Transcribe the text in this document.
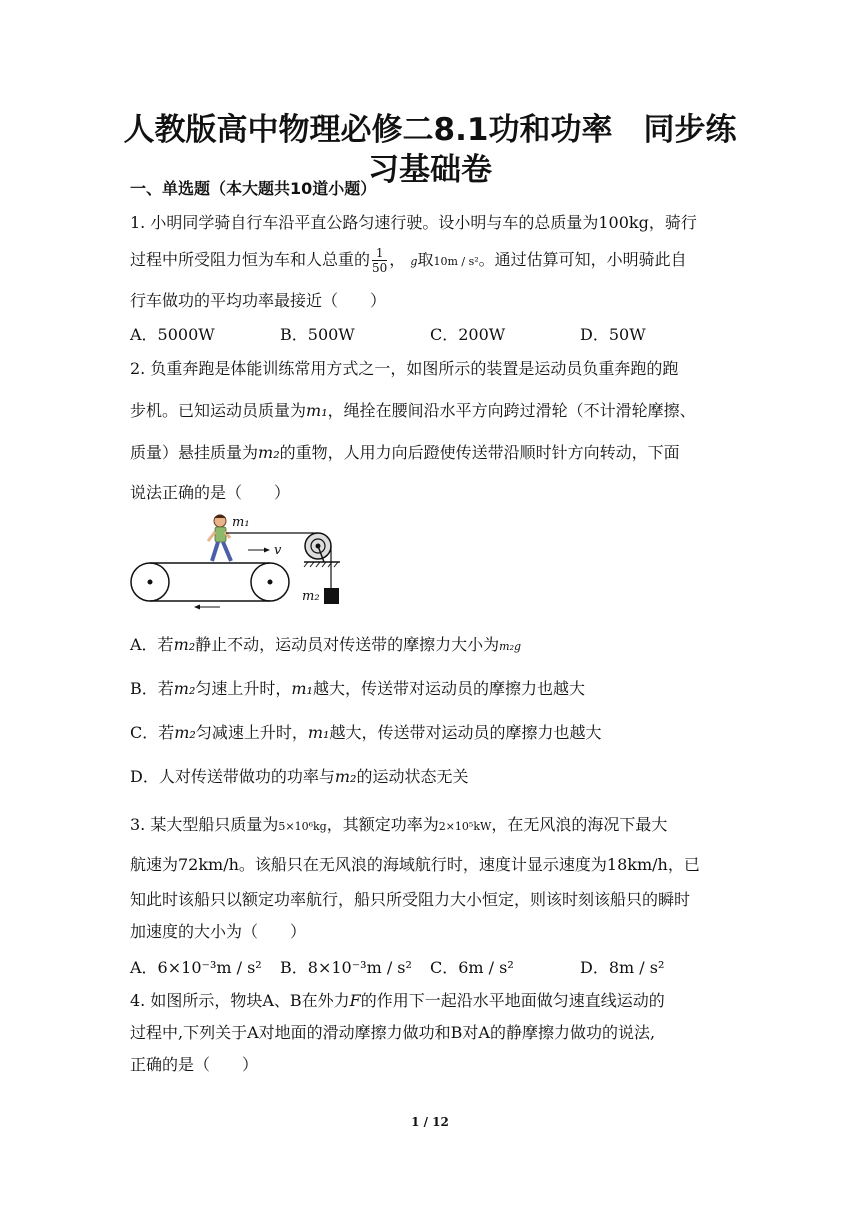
人教版高中物理必修二8.1功和功率　同步练
习基础卷
一、单选题（本大题共10道小题）
1. 小明同学骑自行车沿平直公路匀速行驶。设小明与车的总质量为100kg，骑行
过程中所受阻力恒为车和人总重的 $\frac{1}{50}$ ， g取10m / s²。通过估算可知，小明骑此自
行车做功的平均功率最接近（　　）
A．5000W	B．500W	C．200W	D．50W
2. 负重奔跑是体能训练常用方式之一，如图所示的装置是运动员负重奔跑的跑
步机。已知运动员质量为m₁，绳拴在腰间沿水平方向跨过滑轮（不计滑轮摩擦、
质量）悬挂质量为m₂的重物，人用力向后蹬使传送带沿顺时针方向转动，下面
说法正确的是（　　）
m₁
v
m₂
A．若m₂静止不动，运动员对传送带的摩擦力大小为m₂g
B．若m₂匀速上升时，m₁越大，传送带对运动员的摩擦力也越大
C．若m₂匀减速上升时，m₁越大，传送带对运动员的摩擦力也越大
D．人对传送带做功的功率与m₂的运动状态无关
3. 某大型船只质量为5×10⁶kg，其额定功率为2×10⁵kW，在无风浪的海况下最大
航速为72km/h。该船只在无风浪的海域航行时，速度计显示速度为18km/h，已
知此时该船只以额定功率航行，船只所受阻力大小恒定，则该时刻该船只的瞬时
加速度的大小为（　　）
A．6×10⁻³m / s² B．8×10⁻³m / s² C．6m / s²	D．8m / s²
4. 如图所示，物块A、B在外力F的作用下一起沿水平地面做匀速直线运动的
过程中,下列关于A对地面的滑动摩擦力做功和B对A的静摩擦力做功的说法,
正确的是（　　）
1 / 12
